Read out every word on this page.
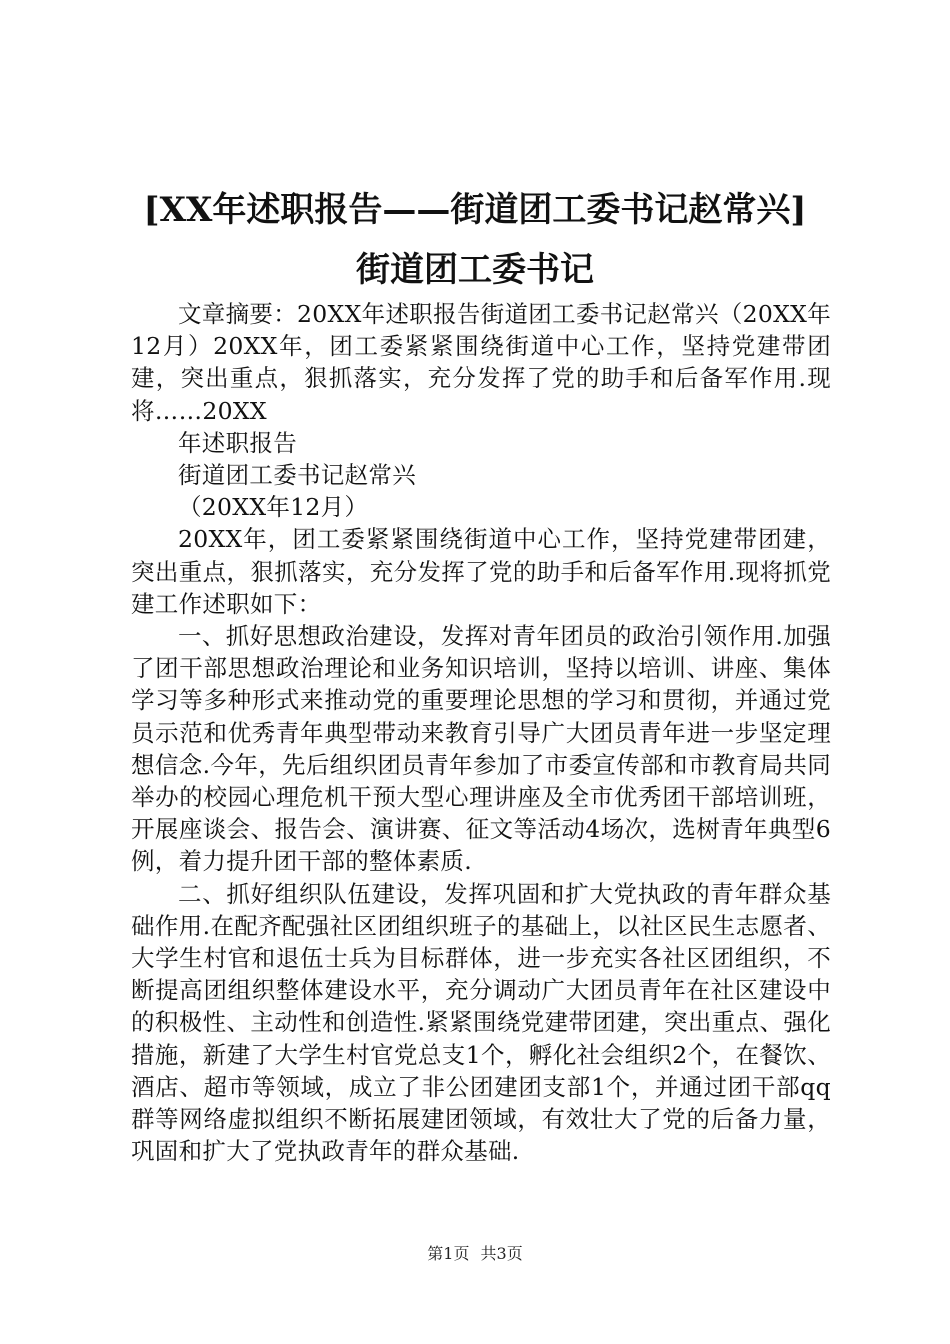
[XX年述职报告——街道团工委书记赵常兴]
街道团工委书记

文章摘要：20XX年述职报告街道团工委书记赵常兴（20XX年12月）20XX年，团工委紧紧围绕街道中心工作，坚持党建带团建，突出重点，狠抓落实，充分发挥了党的助手和后备军作用.现将……20XX

年述职报告

街道团工委书记赵常兴

（20XX年12月）

20XX年，团工委紧紧围绕街道中心工作，坚持党建带团建，突出重点，狠抓落实，充分发挥了党的助手和后备军作用.现将抓党建工作述职如下：

一、抓好思想政治建设，发挥对青年团员的政治引领作用.加强了团干部思想政治理论和业务知识培训，坚持以培训、讲座、集体学习等多种形式来推动党的重要理论思想的学习和贯彻，并通过党员示范和优秀青年典型带动来教育引导广大团员青年进一步坚定理想信念.今年，先后组织团员青年参加了市委宣传部和市教育局共同举办的校园心理危机干预大型心理讲座及全市优秀团干部培训班，开展座谈会、报告会、演讲赛、征文等活动4场次，选树青年典型6例，着力提升团干部的整体素质.

二、抓好组织队伍建设，发挥巩固和扩大党执政的青年群众基础作用.在配齐配强社区团组织班子的基础上，以社区民生志愿者、大学生村官和退伍士兵为目标群体，进一步充实各社区团组织，不断提高团组织整体建设水平，充分调动广大团员青年在社区建设中的积极性、主动性和创造性.紧紧围绕党建带团建，突出重点、强化措施，新建了大学生村官党总支1个，孵化社会组织2个，在餐饮、酒店、超市等领域，成立了非公团建团支部1个，并通过团干部qq群等网络虚拟组织不断拓展建团领域，有效壮大了党的后备力量，巩固和扩大了党执政青年的群众基础.

第1页 共3页
